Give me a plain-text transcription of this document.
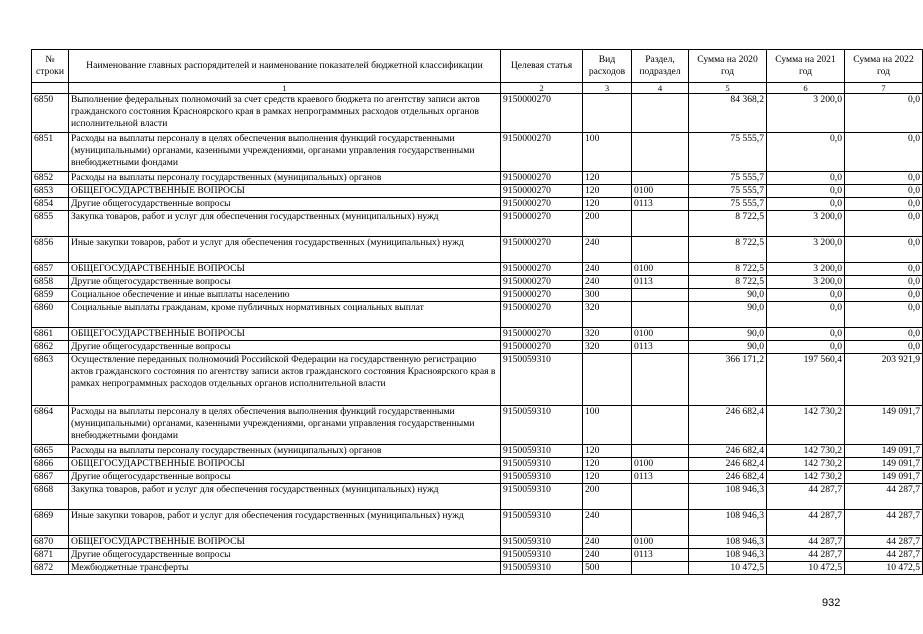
№ строки	Наименование главных распорядителей и наименование показателей бюджетной классификации	Целевая статья	Вид расходов	Раздел, подраздел	Сумма на 2020 год	Сумма на 2021 год	Сумма на 2022 год
	1	2	3	4	5	6	7
6850	Выполнение федеральных полномочий за счет средств краевого бюджета по агентству записи актов гражданского состояния Красноярского края в рамках непрограммных расходов отдельных органов исполнительной власти	9150000270			84 368,2	3 200,0	0,0
6851	Расходы на выплаты персоналу в целях обеспечения выполнения функций государственными (муниципальными) органами, казенными учреждениями, органами управления государственными внебюджетными фондами	9150000270	100		75 555,7	0,0	0,0
6852	Расходы на выплаты персоналу государственных (муниципальных) органов	9150000270	120		75 555,7	0,0	0,0
6853	ОБЩЕГОСУДАРСТВЕННЫЕ ВОПРОСЫ	9150000270	120	0100	75 555,7	0,0	0,0
6854	Другие общегосударственные вопросы	9150000270	120	0113	75 555,7	0,0	0,0
6855	Закупка товаров, работ и услуг для обеспечения государственных (муниципальных) нужд	9150000270	200		8 722,5	3 200,0	0,0
6856	Иные закупки товаров, работ и услуг для обеспечения государственных (муниципальных) нужд	9150000270	240		8 722,5	3 200,0	0,0
6857	ОБЩЕГОСУДАРСТВЕННЫЕ ВОПРОСЫ	9150000270	240	0100	8 722,5	3 200,0	0,0
6858	Другие общегосударственные вопросы	9150000270	240	0113	8 722,5	3 200,0	0,0
6859	Социальное обеспечение и иные выплаты населению	9150000270	300		90,0	0,0	0,0
6860	Социальные выплаты гражданам, кроме публичных нормативных социальных выплат	9150000270	320		90,0	0,0	0,0
6861	ОБЩЕГОСУДАРСТВЕННЫЕ ВОПРОСЫ	9150000270	320	0100	90,0	0,0	0,0
6862	Другие общегосударственные вопросы	9150000270	320	0113	90,0	0,0	0,0
6863	Осуществление переданных полномочий Российской Федерации на государственную регистрацию актов гражданского состояния по агентству записи актов гражданского состояния Красноярского края в рамках непрограммных расходов отдельных органов исполнительной власти	9150059310			366 171,2	197 560,4	203 921,9
6864	Расходы на выплаты персоналу в целях обеспечения выполнения функций государственными (муниципальными) органами, казенными учреждениями, органами управления государственными внебюджетными фондами	9150059310	100		246 682,4	142 730,2	149 091,7
6865	Расходы на выплаты персоналу государственных (муниципальных) органов	9150059310	120		246 682,4	142 730,2	149 091,7
6866	ОБЩЕГОСУДАРСТВЕННЫЕ ВОПРОСЫ	9150059310	120	0100	246 682,4	142 730,2	149 091,7
6867	Другие общегосударственные вопросы	9150059310	120	0113	246 682,4	142 730,2	149 091,7
6868	Закупка товаров, работ и услуг для обеспечения государственных (муниципальных) нужд	9150059310	200		108 946,3	44 287,7	44 287,7
6869	Иные закупки товаров, работ и услуг для обеспечения государственных (муниципальных) нужд	9150059310	240		108 946,3	44 287,7	44 287,7
6870	ОБЩЕГОСУДАРСТВЕННЫЕ ВОПРОСЫ	9150059310	240	0100	108 946,3	44 287,7	44 287,7
6871	Другие общегосударственные вопросы	9150059310	240	0113	108 946,3	44 287,7	44 287,7
6872	Межбюджетные трансферты	9150059310	500		10 472,5	10 472,5	10 472,5
932
